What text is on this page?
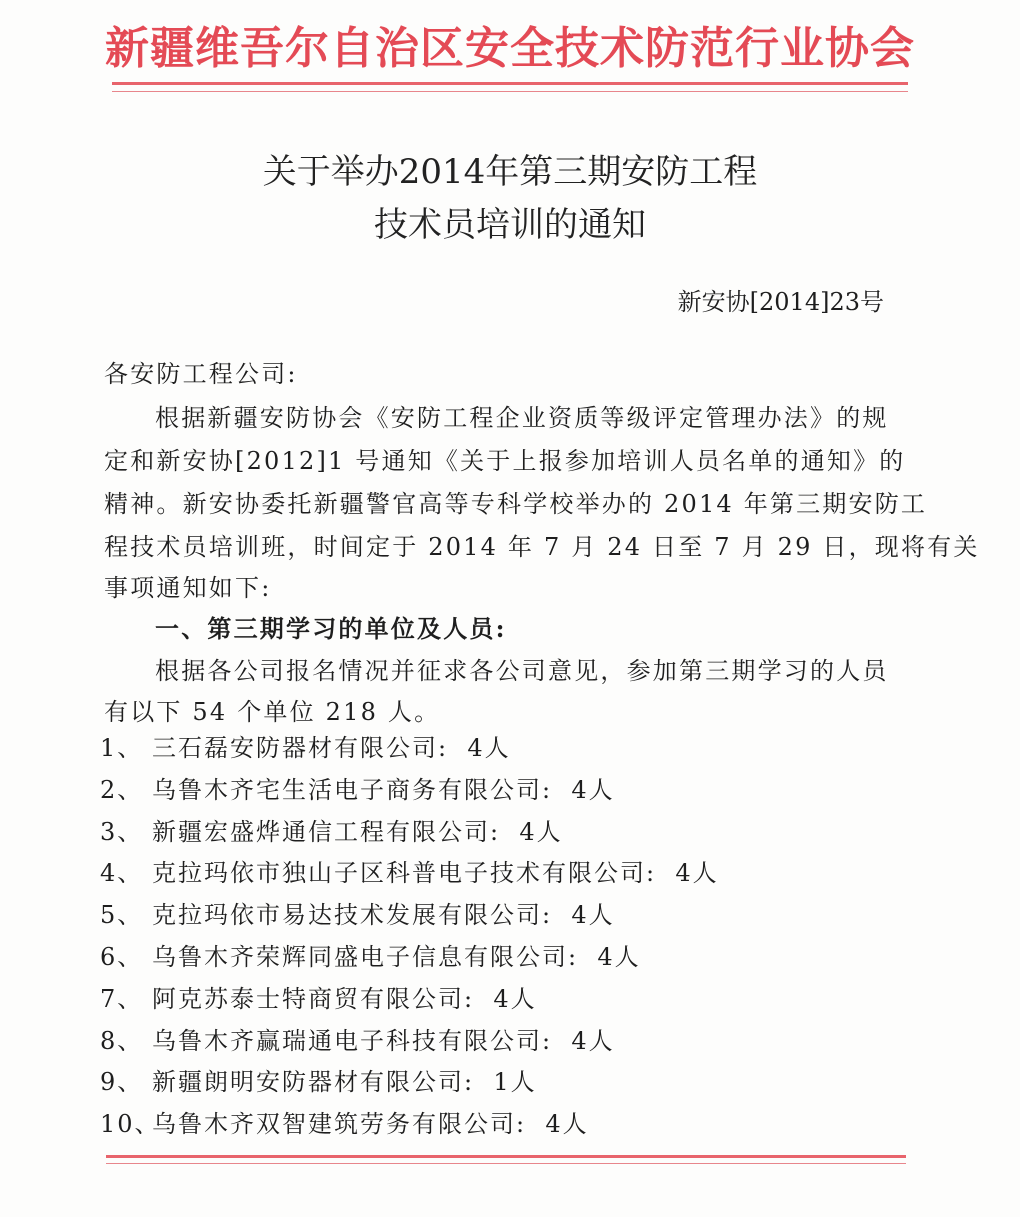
新疆维吾尔自治区安全技术防范行业协会
关于举办2014年第三期安防工程
技术员培训的通知
新安协[2014]23号
各安防工程公司:
根据新疆安防协会《安防工程企业资质等级评定管理办法》的规
定和新安协[2012]1 号通知《关于上报参加培训人员名单的通知》的
精神。新安协委托新疆警官高等专科学校举办的 2014 年第三期安防工
程技术员培训班，时间定于 2014 年 7 月 24 日至 7 月 29 日，现将有关
事项通知如下:
一、第三期学习的单位及人员:
根据各公司报名情况并征求各公司意见，参加第三期学习的人员
有以下 54 个单位 218 人。
1、 三石磊安防器材有限公司: 4人
2、 乌鲁木齐宅生活电子商务有限公司: 4人
3、 新疆宏盛烨通信工程有限公司: 4人
4、 克拉玛依市独山子区科普电子技术有限公司: 4人
5、 克拉玛依市易达技术发展有限公司: 4人
6、 乌鲁木齐荣辉同盛电子信息有限公司: 4人
7、 阿克苏泰士特商贸有限公司: 4人
8、 乌鲁木齐赢瑞通电子科技有限公司: 4人
9、 新疆朗明安防器材有限公司: 1人
10、乌鲁木齐双智建筑劳务有限公司: 4人
